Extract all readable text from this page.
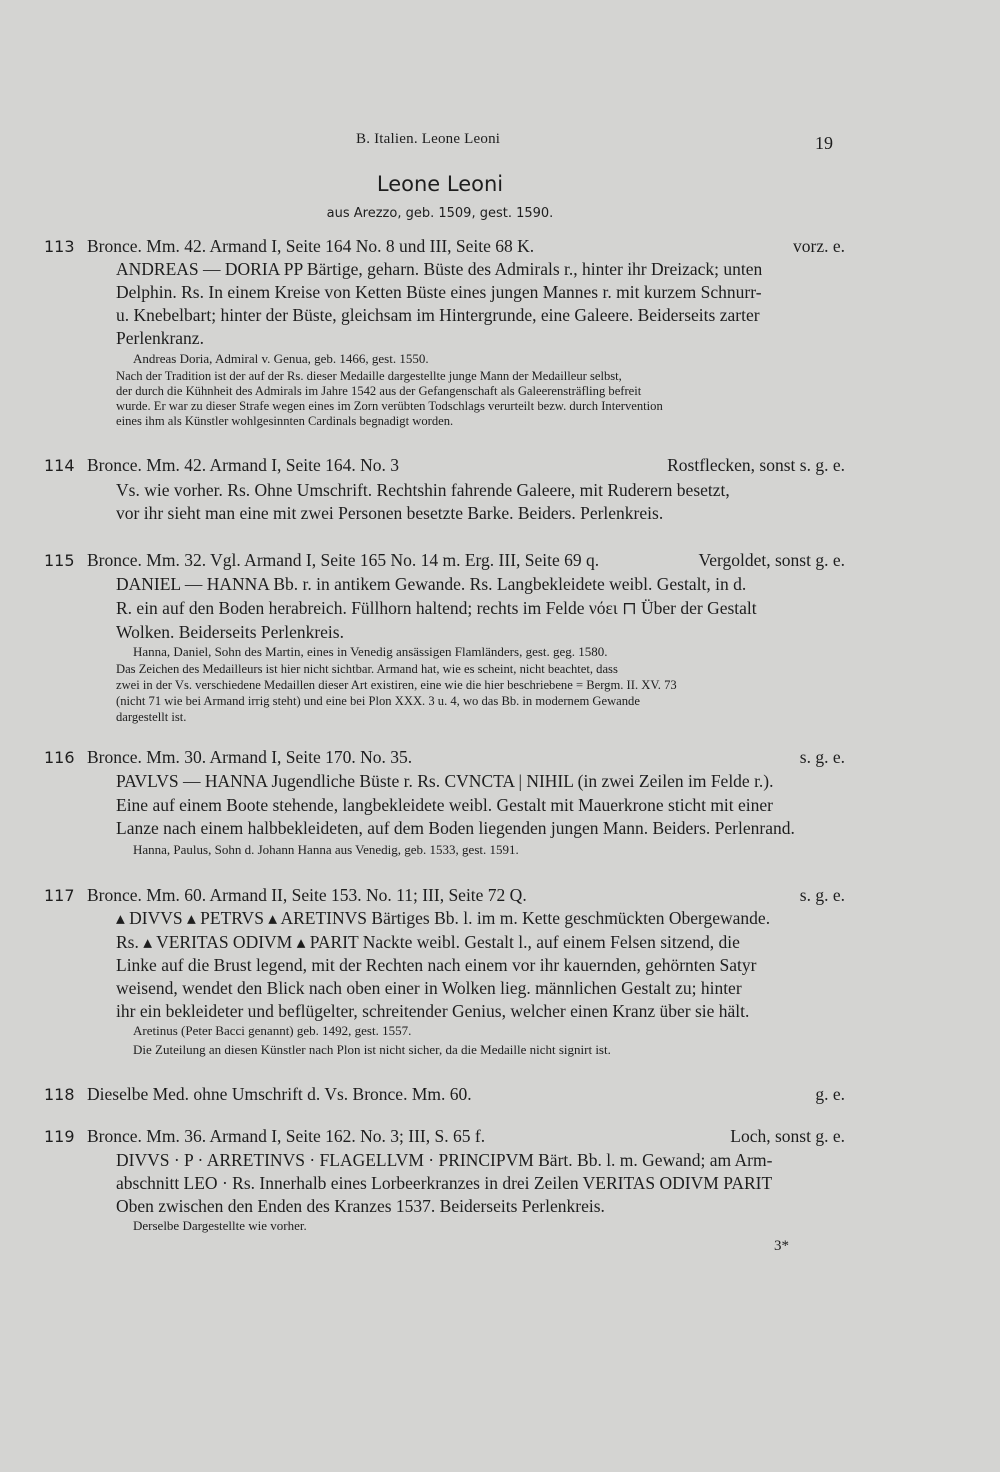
B. Italien. Leone Leoni	19
Leone Leoni
aus Arezzo, geb. 1509, gest. 1590.
113 Bronce. Mm. 42. Armand I, Seite 164 No. 8 und III, Seite 68 K.	vorz. e.
ANDREAS — DORIA PP Bärtige, geharn. Büste des Admirals r., hinter ihr Dreizack; unten
Delphin. Rs. In einem Kreise von Ketten Büste eines jungen Mannes r. mit kurzem Schnurr-
u. Knebelbart; hinter der Büste, gleichsam im Hintergrunde, eine Galeere. Beiderseits zarter
Perlenkranz.
Andreas Doria, Admiral v. Genua, geb. 1466, gest. 1550.
Nach der Tradition ist der auf der Rs. dieser Medaille dargestellte junge Mann der Medailleur selbst,
der durch die Kühnheit des Admirals im Jahre 1542 aus der Gefangenschaft als Galeerensträfling befreit
wurde. Er war zu dieser Strafe wegen eines im Zorn verübten Todschlags verurteilt bezw. durch Intervention
eines ihm als Künstler wohlgesinnten Cardinals begnadigt worden.
114 Bronce. Mm. 42. Armand I, Seite 164. No. 3	Rostflecken, sonst s. g. e.
Vs. wie vorher. Rs. Ohne Umschrift. Rechtshin fahrende Galeere, mit Ruderern besetzt,
vor ihr sieht man eine mit zwei Personen besetzte Barke. Beiders. Perlenkreis.
115 Bronce. Mm. 32. Vgl. Armand I, Seite 165 No. 14 m. Erg. III, Seite 69 q.	Vergoldet, sonst g. e.
DANIEL — HANNA Bb. r. in antikem Gewande. Rs. Langbekleidete weibl. Gestalt, in d.
R. ein auf den Boden herabreich. Füllhorn haltend; rechts im Felde νόει ⊓ Über der Gestalt
Wolken. Beiderseits Perlenkreis.
Hanna, Daniel, Sohn des Martin, eines in Venedig ansässigen Flamländers, gest. geg. 1580.
Das Zeichen des Medailleurs ist hier nicht sichtbar. Armand hat, wie es scheint, nicht beachtet, dass
zwei in der Vs. verschiedene Medaillen dieser Art existiren, eine wie die hier beschriebene = Bergm. II. XV. 73
(nicht 71 wie bei Armand irrig steht) und eine bei Plon XXX. 3 u. 4, wo das Bb. in modernem Gewande
dargestellt ist.
116 Bronce. Mm. 30. Armand I, Seite 170. No. 35.	s. g. e.
PAVLVS — HANNA Jugendliche Büste r. Rs. CVNCTA | NIHIL (in zwei Zeilen im Felde r.).
Eine auf einem Boote stehende, langbekleidete weibl. Gestalt mit Mauerkrone sticht mit einer
Lanze nach einem halbbekleideten, auf dem Boden liegenden jungen Mann. Beiders. Perlenrand.
Hanna, Paulus, Sohn d. Johann Hanna aus Venedig, geb. 1533, gest. 1591.
117 Bronce. Mm. 60. Armand II, Seite 153. No. 11; III, Seite 72 Q.	s. g. e.
▴ DIVVS ▴ PETRVS ▴ ARETINVS Bärtiges Bb. l. im m. Kette geschmückten Obergewande.
Rs. ▴ VERITAS ODIVM ▴ PARIT Nackte weibl. Gestalt l., auf einem Felsen sitzend, die
Linke auf die Brust legend, mit der Rechten nach einem vor ihr kauernden, gehörnten Satyr
weisend, wendet den Blick nach oben einer in Wolken lieg. männlichen Gestalt zu; hinter
ihr ein bekleideter und beflügelter, schreitender Genius, welcher einen Kranz über sie hält.
Aretinus (Peter Bacci genannt) geb. 1492, gest. 1557.
Die Zuteilung an diesen Künstler nach Plon ist nicht sicher, da die Medaille nicht signirt ist.
118 Dieselbe Med. ohne Umschrift d. Vs. Bronce. Mm. 60.	g. e.
119 Bronce. Mm. 36. Armand I, Seite 162. No. 3; III, S. 65 f.	Loch, sonst g. e.
DIVVS · P · ARRETINVS · FLAGELLVM · PRINCIPVM Bärt. Bb. l. m. Gewand; am Arm-
abschnitt LEO · Rs. Innerhalb eines Lorbeerkranzes in drei Zeilen VERITAS ODIVM PARIT
Oben zwischen den Enden des Kranzes 1537. Beiderseits Perlenkreis.
Derselbe Dargestellte wie vorher.
3*
